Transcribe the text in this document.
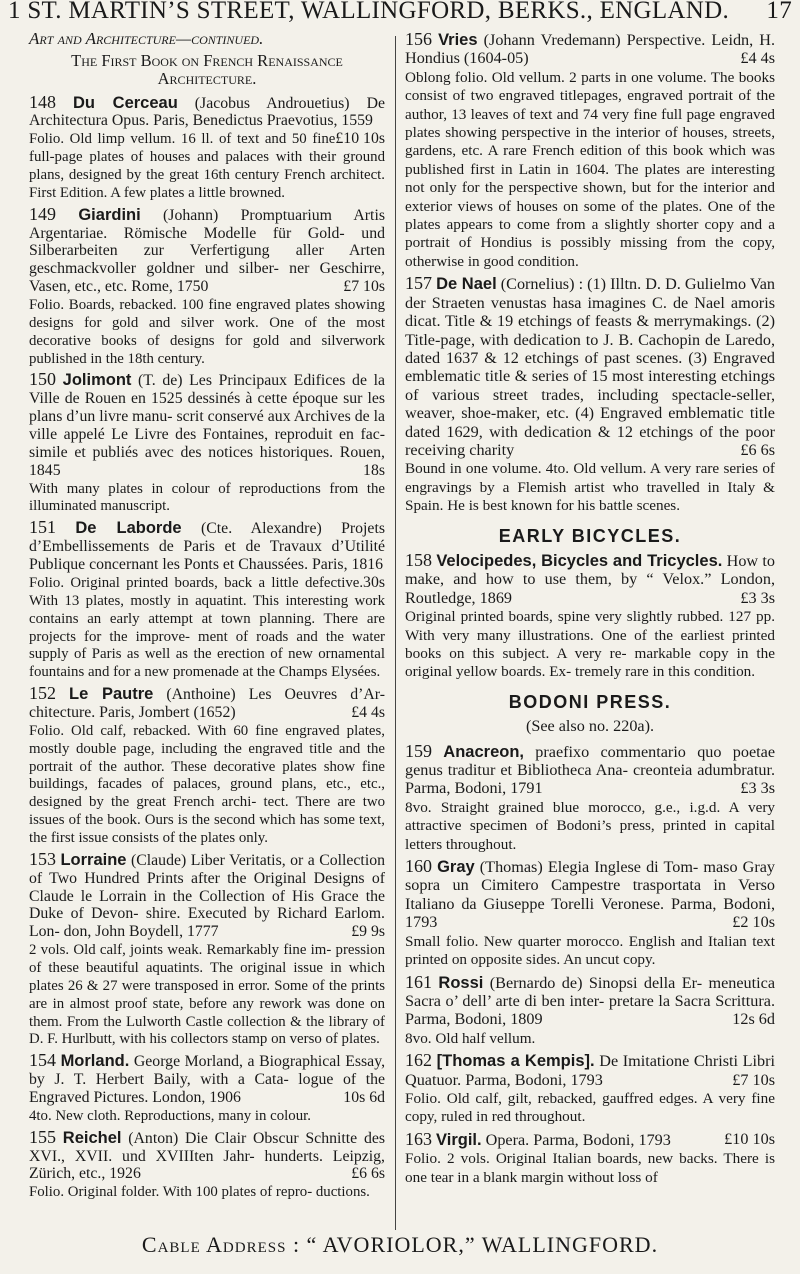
1 ST. MARTIN’S STREET, WALLINGFORD, BERKS., ENGLAND. 17

Art and Architecture—continued.

The First Book on French Renaissance Architecture.

148 Du Cerceau (Jacobus Androuetius) De Architectura Opus. Paris, Benedictus Praevotius, 1559
£10 10s

Folio. Old limp vellum. 16 ll. of text and 50 fine full-page plates of houses and palaces with their ground plans, designed by the great 16th century French architect. First Edition. A few plates a little browned.

149 Giardini (Johann) Promptuarium Artis Argentariae. Römische Modelle für Gold- und Silberarbeiten zur Verfertigung aller Arten geschmackvoller goldner und silber- ner Geschirre, Vasen, etc., etc. Rome, 1750	£7 10s

Folio. Boards, rebacked. 100 fine engraved plates showing designs for gold and silver work. One of the most decorative books of designs for gold and silverwork published in the 18th century.

150 Jolimont (T. de) Les Principaux Edifices de la Ville de Rouen en 1525 dessinés à cette époque sur les plans d’un livre manu- scrit conservé aux Archives de la ville appelé Le Livre des Fontaines, reproduit en fac- simile et publiés avec des notices historiques. Rouen, 1845	18s

With many plates in colour of reproductions from the illuminated manuscript.

151 De Laborde (Cte. Alexandre) Projets d’Embellissements de Paris et de Travaux d’Utilité Publique concernant les Ponts et Chaussées. Paris, 1816
30s

Folio. Original printed boards, back a little defective. With 13 plates, mostly in aquatint. This interesting work contains an early attempt at town planning. There are projects for the improve- ment of roads and the water supply of Paris as well as the erection of new ornamental fountains and for a new promenade at the Champs Elysées.

152 Le Pautre (Anthoine) Les Oeuvres d’Ar- chitecture. Paris, Jombert (1652)	£4 4s

Folio. Old calf, rebacked. With 60 fine engraved plates, mostly double page, including the engraved title and the portrait of the author. These decorative plates show fine buildings, facades of palaces, ground plans, etc., etc., designed by the great French archi- tect. There are two issues of the book. Ours is the second which has some text, the first issue consists of the plates only.

153 Lorraine (Claude) Liber Veritatis, or a Collection of Two Hundred Prints after the Original Designs of Claude le Lorrain in the Collection of His Grace the Duke of Devon- shire. Executed by Richard Earlom. Lon- don, John Boydell, 1777	£9 9s

2 vols. Old calf, joints weak. Remarkably fine im- pression of these beautiful aquatints. The original issue in which plates 26 & 27 were transposed in error. Some of the prints are in almost proof state, before any rework was done on them. From the Lulworth Castle collection & the library of D. F. Hurlbutt, with his collectors stamp on verso of plates.

154 Morland. George Morland, a Biographical Essay, by J. T. Herbert Baily, with a Cata- logue of the Engraved Pictures. London, 1906	10s 6d

4to. New cloth. Reproductions, many in colour.

155 Reichel (Anton) Die Clair Obscur Schnitte des XVI., XVII. und XVIIIten Jahr- hunderts. Leipzig, Zürich, etc., 1926	£6 6s

Folio. Original folder. With 100 plates of repro- ductions.

156 Vries (Johann Vredemann) Perspective. Leidn, H. Hondius (1604-05)	£4 4s

Oblong folio. Old vellum. 2 parts in one volume. The books consist of two engraved titlepages, engraved portrait of the author, 13 leaves of text and 74 very fine full page engraved plates showing perspective in the interior of houses, streets, gardens, etc. A rare French edition of this book which was published first in Latin in 1604. The plates are interesting not only for the perspective shown, but for the interior and exterior views of houses on some of the plates. One of the plates appears to come from a slightly shorter copy and a portrait of Hondius is possibly missing from the copy, otherwise in good condition.

157 De Nael (Cornelius) : (1) Illtn. D. D. Gulielmo Van der Straeten venustas hasa imagines C. de Nael amoris dicat. Title & 19 etchings of feasts & merrymakings. (2) Title-page, with dedication to J. B. Cachopin de Laredo, dated 1637 & 12 etchings of past scenes. (3) Engraved emblematic title & series of 15 most interesting etchings of various street trades, including spectacle-seller, weaver, shoe-maker, etc. (4) Engraved emblematic title dated 1629, with dedication & 12 etchings of the poor receiving charity	£6 6s

Bound in one volume. 4to. Old vellum. A very rare series of engravings by a Flemish artist who travelled in Italy & Spain. He is best known for his battle scenes.

EARLY BICYCLES.

158 Velocipedes, Bicycles and Tricycles. How to make, and how to use them, by “ Velox.” London, Routledge, 1869	£3 3s

Original printed boards, spine very slightly rubbed. 127 pp. With very many illustrations. One of the earliest printed books on this subject. A very re- markable copy in the original yellow boards. Ex- tremely rare in this condition.

BODONI PRESS.
(See also no. 220a).

159 Anacreon, praefixo commentario quo poetae genus traditur et Bibliotheca Ana- creonteia adumbratur. Parma, Bodoni, 1791	£3 3s

8vo. Straight grained blue morocco, g.e., i.g.d. A very attractive specimen of Bodoni’s press, printed in capital letters throughout.

160 Gray (Thomas) Elegia Inglese di Tom- maso Gray sopra un Cimitero Campestre trasportata in Verso Italiano da Giuseppe Torelli Veronese. Parma, Bodoni, 1793	£2 10s

Small folio. New quarter morocco. English and Italian text printed on opposite sides. An uncut copy.

161 Rossi (Bernardo de) Sinopsi della Er- meneutica Sacra o’ dell’ arte di ben inter- pretare la Sacra Scrittura. Parma, Bodoni, 1809	12s 6d

8vo. Old half vellum.

162 [Thomas a Kempis]. De Imitatione Christi Libri Quatuor. Parma, Bodoni, 1793	£7 10s

Folio. Old calf, gilt, rebacked, gauffred edges. A very fine copy, ruled in red throughout.

163 Virgil. Opera. Parma, Bodoni, 1793	£10 10s

Folio. 2 vols. Original Italian boards, new backs. There is one tear in a blank margin without loss of

Cable Address : “ AVORIOLOR,” WALLINGFORD.
